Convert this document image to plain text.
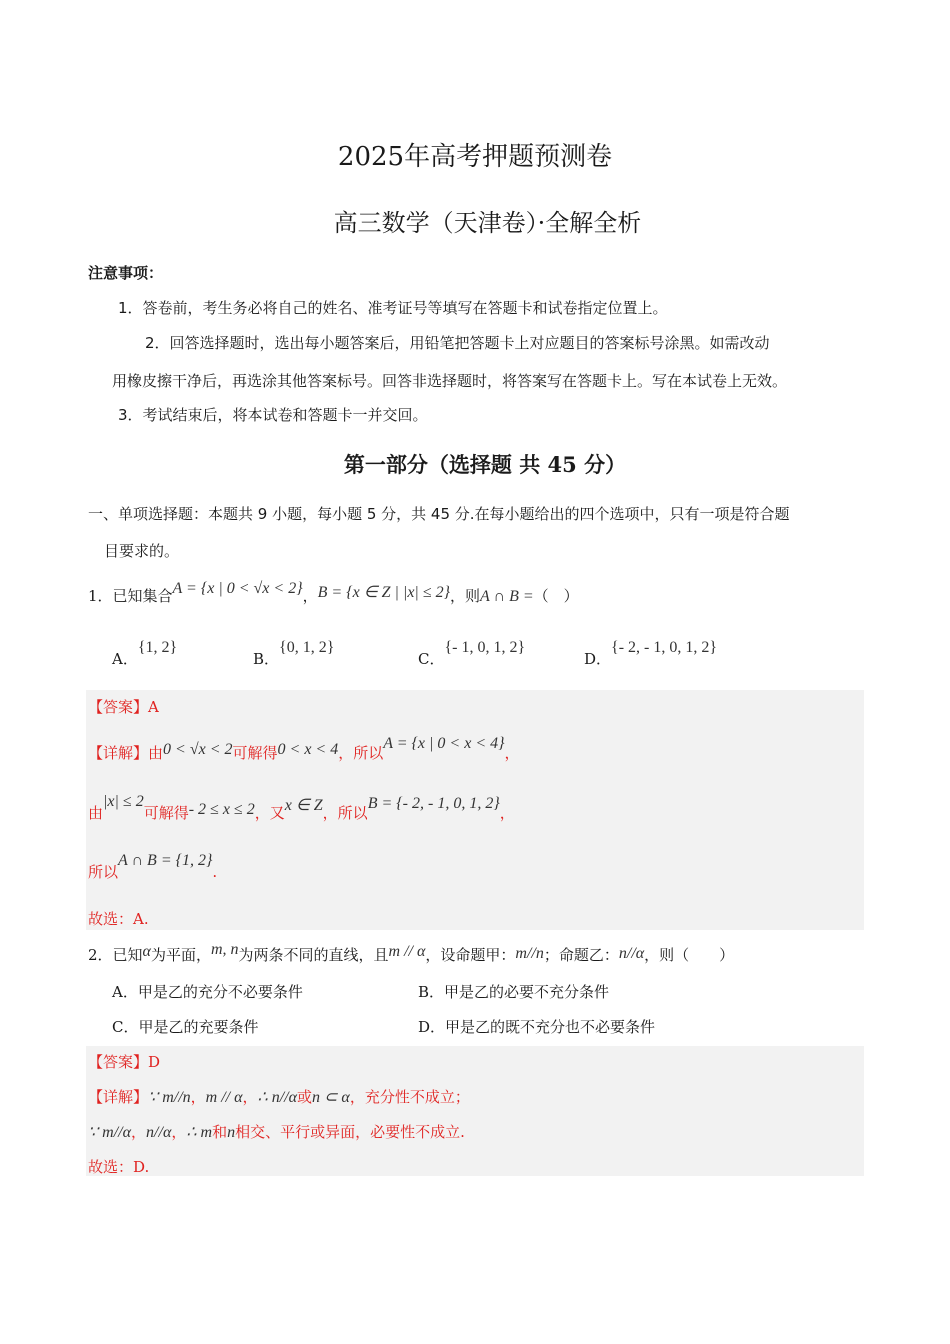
2025年高考押题预测卷
高三数学（天津卷）·全解全析
注意事项：
1．答卷前，考生务必将自己的姓名、准考证号等填写在答题卡和试卷指定位置上。
2．回答选择题时，选出每小题答案后，用铅笔把答题卡上对应题目的答案标号涂黑。如需改动
用橡皮擦干净后，再选涂其他答案标号。回答非选择题时，将答案写在答题卡上。写在本试卷上无效。
3．考试结束后，将本试卷和答题卡一并交回。
第一部分（选择题 共 45 分）
一、单项选择题：本题共 9 小题，每小题 5 分，共 45 分.在每小题给出的四个选项中，只有一项是符合题
目要求的。
1．已知集合A = {x | 0 < √x < 2}，B = {x ∈ Z | |x| ≤ 2}，则A ∩ B =（　）
A．{1, 2}
B．{0, 1, 2}
C．{- 1, 0, 1, 2}
D．{- 2, - 1, 0, 1, 2}
【答案】A
【详解】由0 < √x < 2可解得0 < x < 4，所以A = {x | 0 < x < 4}，
由|x| ≤ 2可解得- 2 ≤ x ≤ 2，又x ∈ Z，所以B = {- 2, - 1, 0, 1, 2}，
所以A ∩ B = {1, 2}.
故选：A.
2．已知α为平面，m, n为两条不同的直线，且m // α，设命题甲：m//n；命题乙：n//α，则（　　）
A．甲是乙的充分不必要条件	B．甲是乙的必要不充分条件
C．甲是乙的充要条件	D．甲是乙的既不充分也不必要条件
【答案】D
【详解】∵ m//n，m // α，∴ n//α或n ⊂ α，充分性不成立；
∵ m//α，n//α，∴ m和n相交、平行或异面，必要性不成立.
故选：D.
